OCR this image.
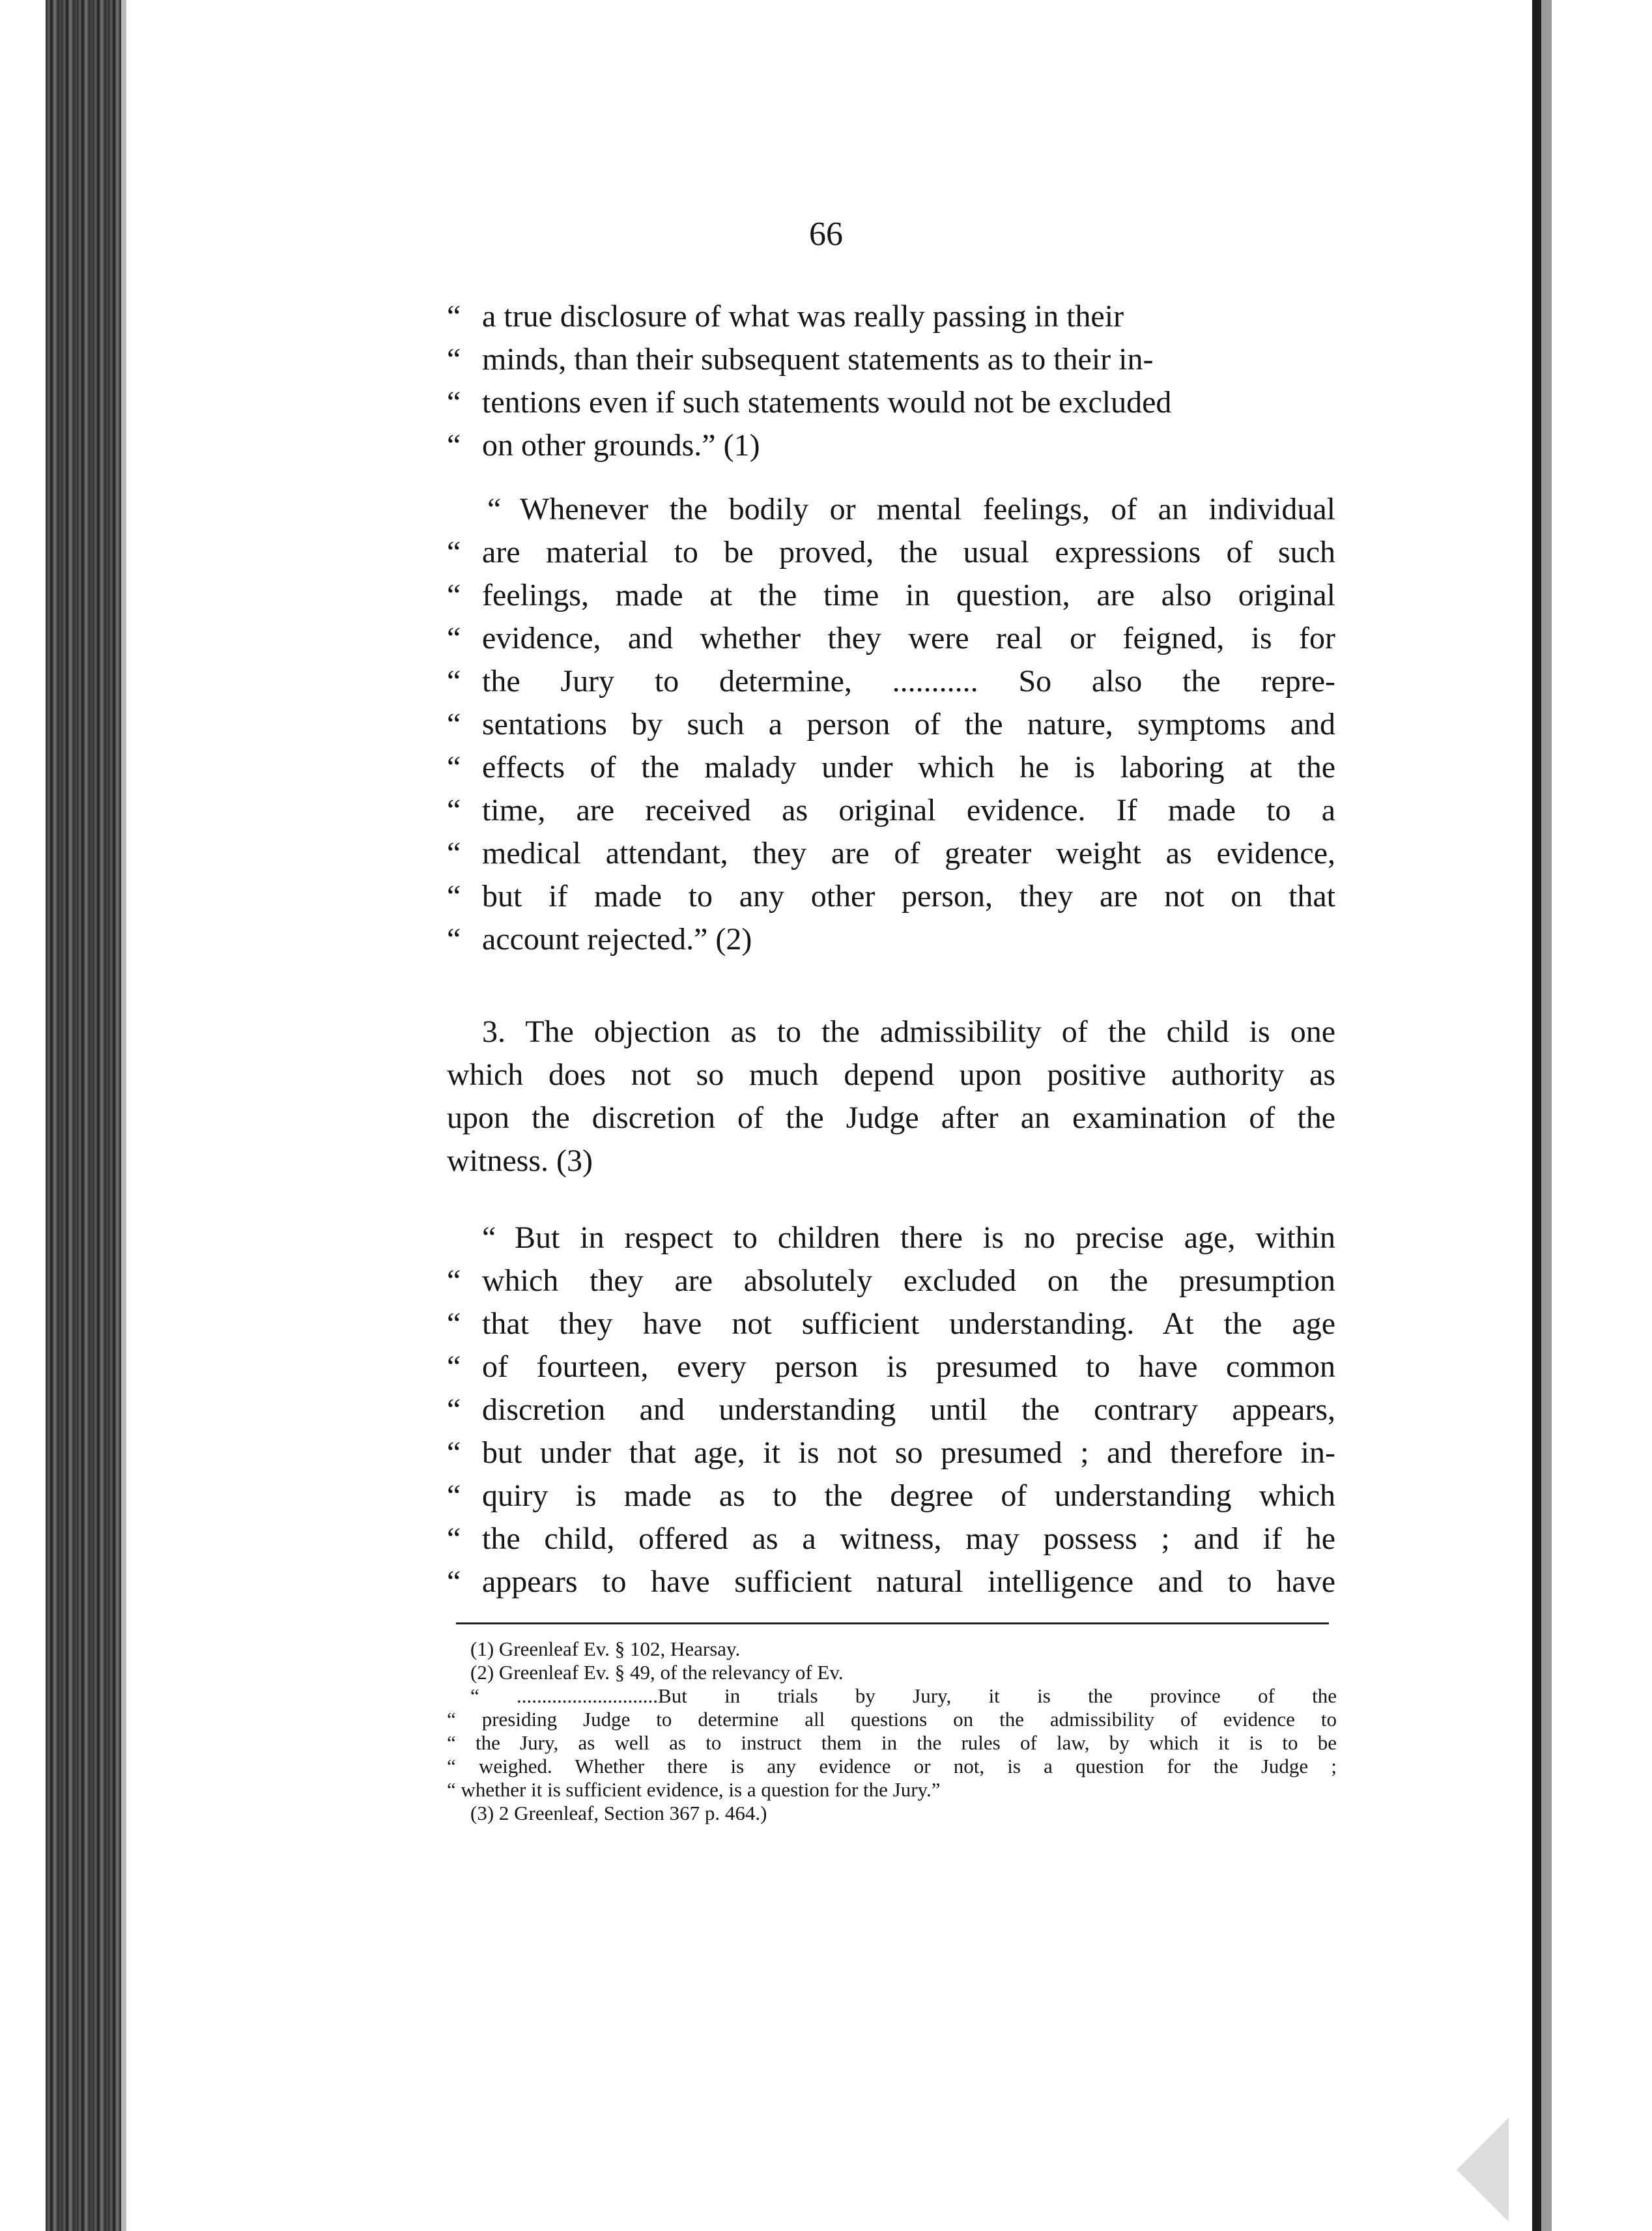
66
“ a true disclosure of what was really passing in their
“ minds, than their subsequent statements as to their in-
“ tentions even if such statements would not be excluded
“ on other grounds.” (1)
“ Whenever the bodily or mental feelings, of an individual
“ are material to be proved, the usual expressions of such
“ feelings, made at the time in question, are also original
“ evidence, and whether they were real or feigned, is for
“ the Jury to determine, ........... So also the repre-
“ sentations by such a person of the nature, symptoms and
“ effects of the malady under which he is laboring at the
“ time, are received as original evidence. If made to a
“ medical attendant, they are of greater weight as evidence,
“ but if made to any other person, they are not on that
“ account rejected.” (2)
3. The objection as to the admissibility of the child is one
which does not so much depend upon positive authority as
upon the discretion of the Judge after an examination of the
witness. (3)
“ But in respect to children there is no precise age, within
“ which they are absolutely excluded on the presumption
“ that they have not sufficient understanding. At the age
“ of fourteen, every person is presumed to have common
“ discretion and understanding until the contrary appears,
“ but under that age, it is not so presumed ; and therefore in-
“ quiry is made as to the degree of understanding which
“ the child, offered as a witness, may possess ; and if he
“ appears to have sufficient natural intelligence and to have
(1) Greenleaf Ev. § 102, Hearsay.
(2) Greenleaf Ev. § 49, of the relevancy of Ev.
“ ............................But in trials by Jury, it is the province of the
“ presiding Judge to determine all questions on the admissibility of evidence to
“ the Jury, as well as to instruct them in the rules of law, by which it is to be
“ weighed. Whether there is any evidence or not, is a question for the Judge ;
“ whether it is sufficient evidence, is a question for the Jury.”
(3) 2 Greenleaf, Section 367 p. 464.)
